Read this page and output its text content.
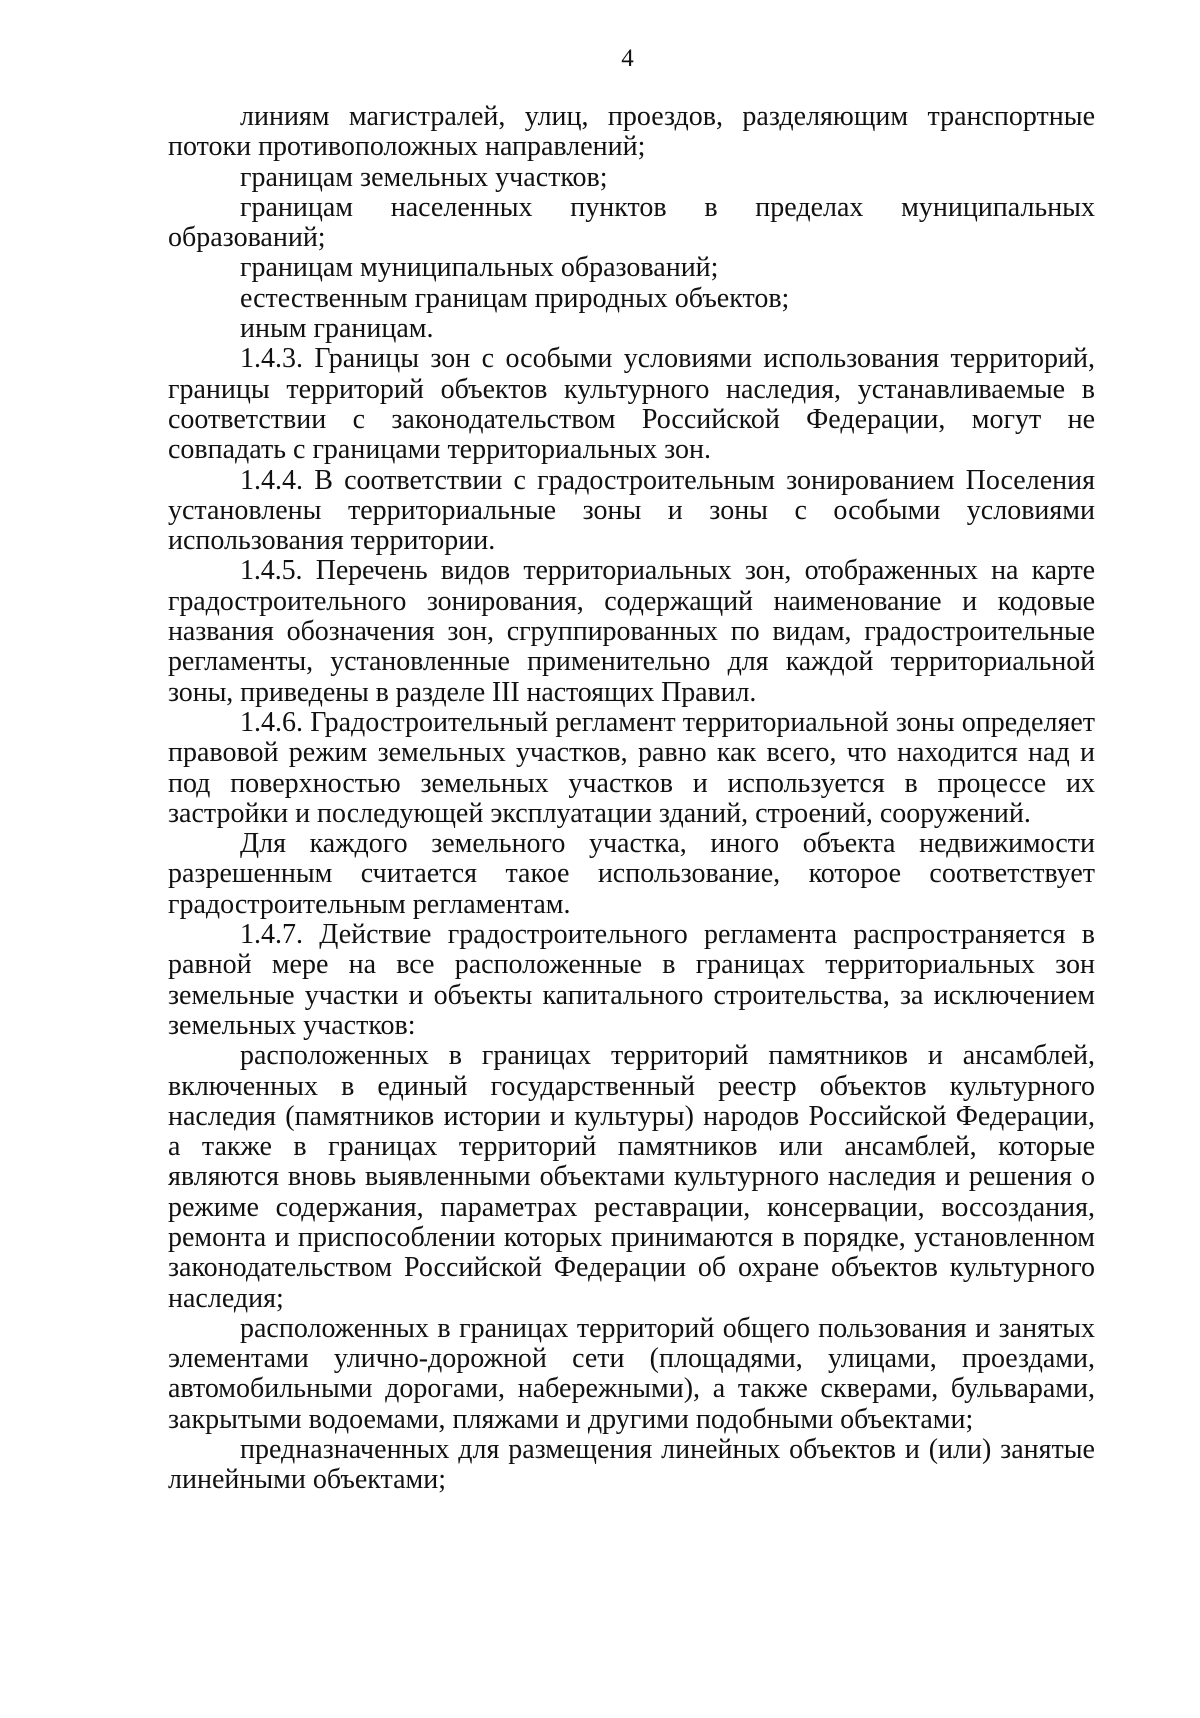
4

линиям магистралей, улиц, проездов, разделяющим транспортные потоки противоположных направлений;

границам земельных участков;

границам населенных пунктов в пределах муниципальных образований;

границам муниципальных образований;

естественным границам природных объектов;

иным границам.

1.4.3. Границы зон с особыми условиями использования территорий, границы территорий объектов культурного наследия, устанавливаемые в соответствии с законодательством Российской Федерации, могут не совпадать с границами территориальных зон.

1.4.4. В соответствии с градостроительным зонированием Поселения установлены территориальные зоны и зоны с особыми условиями использования территории.

1.4.5. Перечень видов территориальных зон, отображенных на карте градостроительного зонирования, содержащий наименование и кодовые названия обозначения зон, сгруппированных по видам, градостроительные регламенты, установленные применительно для каждой территориальной зоны, приведены в разделе III настоящих Правил.

1.4.6. Градостроительный регламент территориальной зоны определяет правовой режим земельных участков, равно как всего, что находится над и под поверхностью земельных участков и используется в процессе их застройки и последующей эксплуатации зданий, строений, сооружений.

Для каждого земельного участка, иного объекта недвижимости разрешенным считается такое использование, которое соответствует градостроительным регламентам.

1.4.7. Действие градостроительного регламента распространяется в равной мере на все расположенные в границах территориальных зон земельные участки и объекты капитального строительства, за исключением земельных участков:

расположенных в границах территорий памятников и ансамблей, включенных в единый государственный реестр объектов культурного наследия (памятников истории и культуры) народов Российской Федерации, а также в границах территорий памятников или ансамблей, которые являются вновь выявленными объектами культурного наследия и решения о режиме содержания, параметрах реставрации, консервации, воссоздания, ремонта и приспособлении которых принимаются в порядке, установленном законодательством Российской Федерации об охране объектов культурного наследия;

расположенных в границах территорий общего пользования и занятых элементами улично-дорожной сети (площадями, улицами, проездами, автомобильными дорогами, набережными), а также скверами, бульварами, закрытыми водоемами, пляжами и другими подобными объектами;

предназначенных для размещения линейных объектов и (или) занятые линейными объектами;
